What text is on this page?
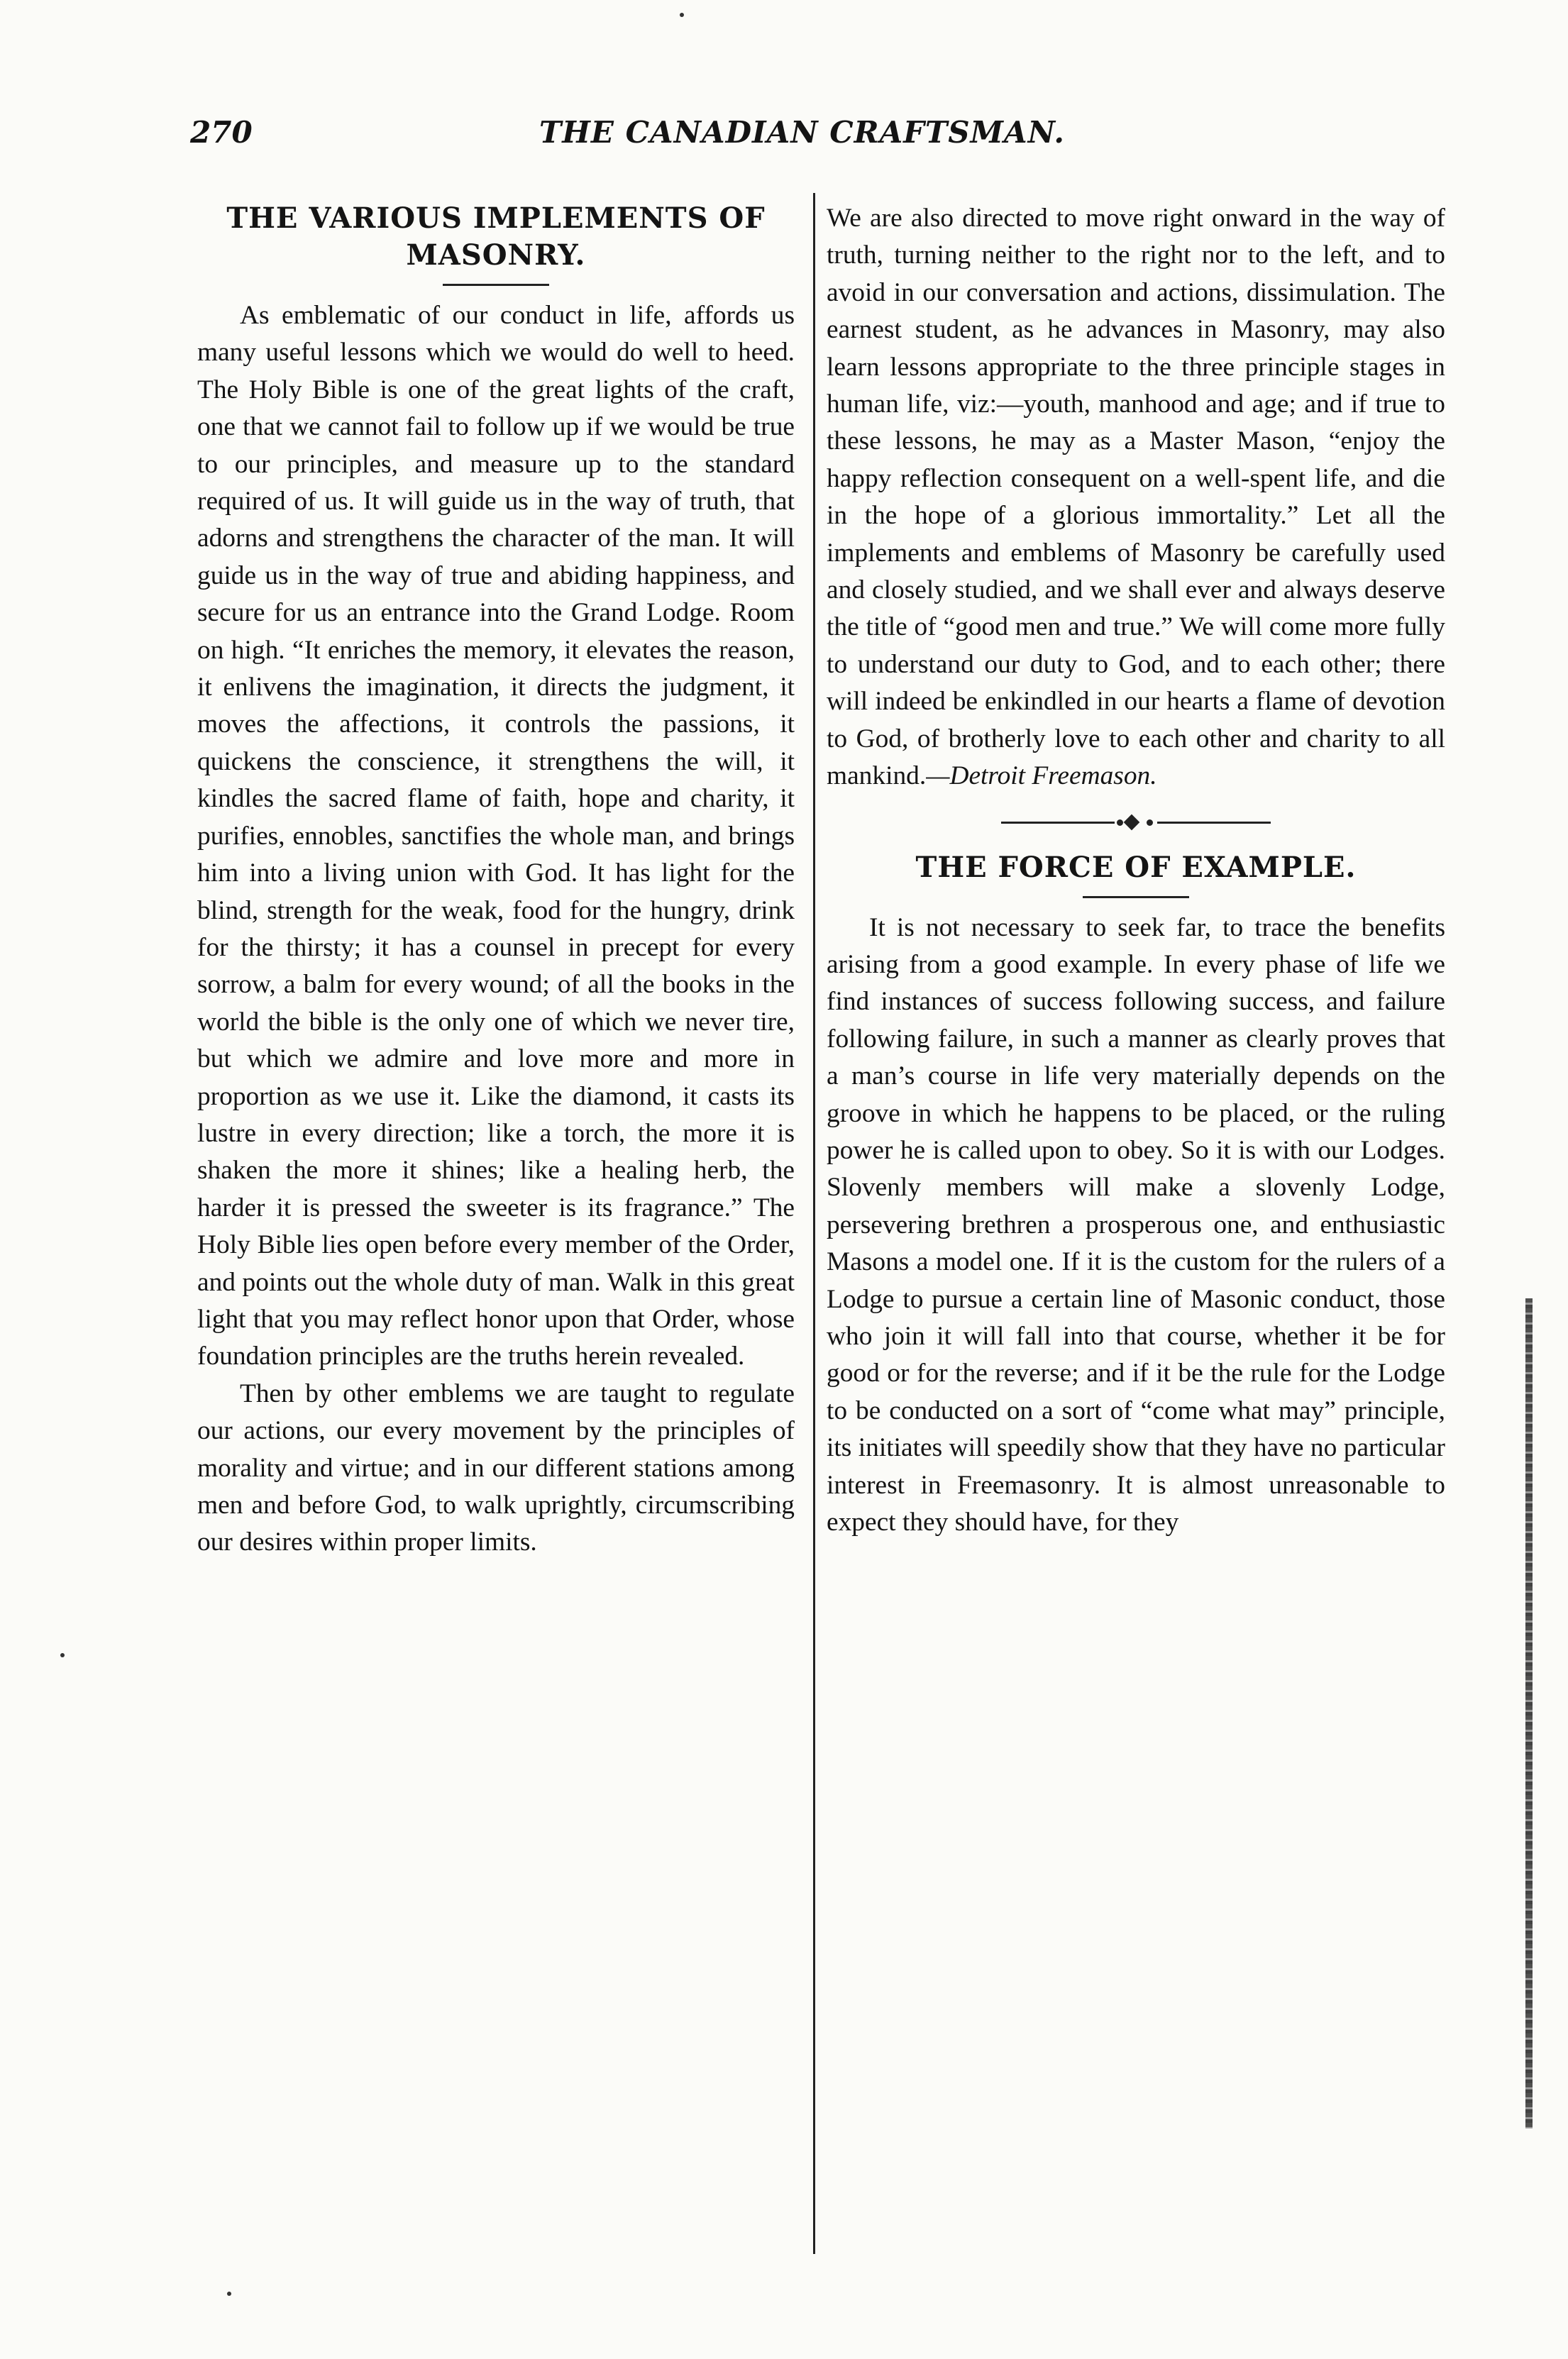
270	THE CANADIAN CRAFTSMAN.
THE VARIOUS IMPLEMENTS OF
MASONRY.

As emblematic of our conduct in life, affords us many useful lessons which we would do well to heed. The Holy Bible is one of the great lights of the craft, one that we cannot fail to follow up if we would be true to our principles, and measure up to the standard required of us. It will guide us in the way of truth, that adorns and strengthens the character of the man. It will guide us in the way of true and abiding happiness, and secure for us an entrance into the Grand Lodge. Room on high. “It enriches the memory, it elevates the reason, it enlivens the imagination, it directs the judgment, it moves the affections, it controls the passions, it quickens the conscience, it strengthens the will, it kindles the sacred flame of faith, hope and charity, it purifies, ennobles, sanctifies the whole man, and brings him into a living union with God. It has light for the blind, strength for the weak, food for the hungry, drink for the thirsty; it has a counsel in precept for every sorrow, a balm for every wound; of all the books in the world the bible is the only one of which we never tire, but which we admire and love more and more in proportion as we use it. Like the diamond, it casts its lustre in every direction; like a torch, the more it is shaken the more it shines; like a healing herb, the harder it is pressed the sweeter is its fragrance.” The Holy Bible lies open before every member of the Order, and points out the whole duty of man. Walk in this great light that you may reflect honor upon that Order, whose foundation principles are the truths herein revealed.

Then by other emblems we are taught to regulate our actions, our every movement by the principles of morality and virtue; and in our different stations among men and before God, to walk uprightly, circumscribing our desires within proper limits.

We are also directed to move right onward in the way of truth, turning neither to the right nor to the left, and to avoid in our conversation and actions, dissimulation. The earnest student, as he advances in Masonry, may also learn lessons appropriate to the three principle stages in human life, viz:—youth, manhood and age; and if true to these lessons, he may as a Master Mason, “enjoy the happy reflection consequent on a well-spent life, and die in the hope of a glorious immortality.” Let all the implements and emblems of Masonry be carefully used and closely studied, and we shall ever and always deserve the title of “good men and true.” We will come more fully to understand our duty to God, and to each other; there will indeed be enkindled in our hearts a flame of devotion to God, of brotherly love to each other and charity to all mankind.—Detroit Freemason.

THE FORCE OF EXAMPLE.

It is not necessary to seek far, to trace the benefits arising from a good example. In every phase of life we find instances of success following success, and failure following failure, in such a manner as clearly proves that a man’s course in life very materially depends on the groove in which he happens to be placed, or the ruling power he is called upon to obey. So it is with our Lodges. Slovenly members will make a slovenly Lodge, persevering brethren a prosperous one, and enthusiastic Masons a model one. If it is the custom for the rulers of a Lodge to pursue a certain line of Masonic conduct, those who join it will fall into that course, whether it be for good or for the reverse; and if it be the rule for the Lodge to be conducted on a sort of “come what may” principle, its initiates will speedily show that they have no particular interest in Freemasonry. It is almost unreasonable to expect they should have, for they
